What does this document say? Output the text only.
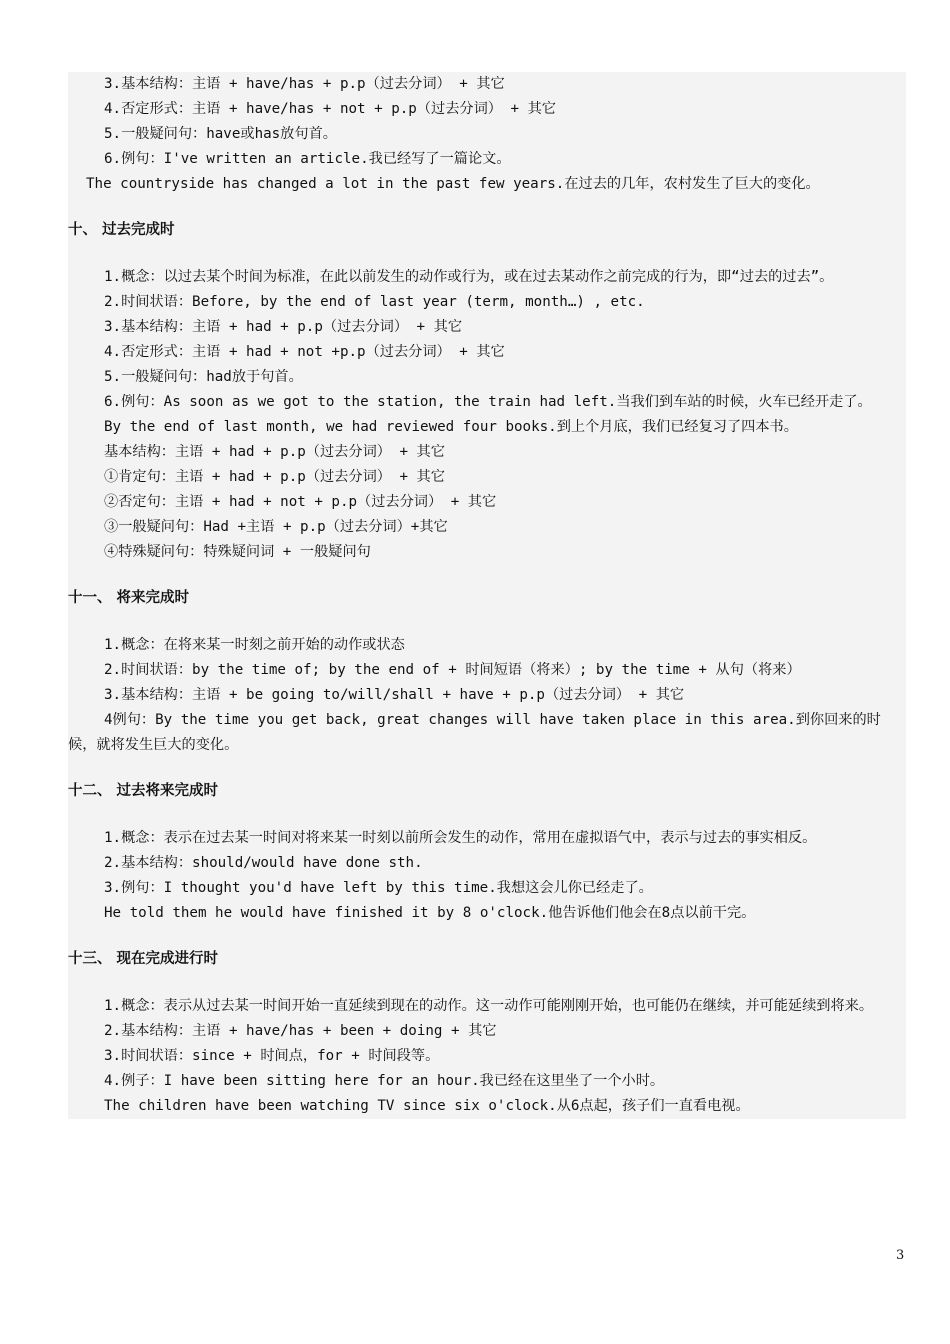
3.基本结构：主语 + have/has + p.p（过去分词） + 其它
4.否定形式：主语 + have/has + not + p.p（过去分词） + 其它
5.一般疑问句：have或has放句首。
6.例句：I've written an article.我已经写了一篇论文。
The countryside has changed a lot in the past few years.在过去的几年，农村发生了巨大的变化。
十、 过去完成时
1.概念：以过去某个时间为标准，在此以前发生的动作或行为，或在过去某动作之前完成的行为，即“过去的过去”。
2.时间状语：Before, by the end of last year (term, month…) , etc.
3.基本结构：主语 + had + p.p（过去分词） + 其它
4.否定形式：主语 + had + not +p.p（过去分词） + 其它
5.一般疑问句：had放于句首。
6.例句：As soon as we got to the station, the train had left.当我们到车站的时候，火车已经开走了。
By the end of last month, we had reviewed four books.到上个月底，我们已经复习了四本书。
基本结构：主语 + had + p.p（过去分词） + 其它
①肯定句：主语 + had + p.p（过去分词） + 其它
②否定句：主语 + had + not + p.p（过去分词） + 其它
③一般疑问句：Had +主语 + p.p（过去分词）+其它
④特殊疑问句：特殊疑问词 + 一般疑问句
十一、 将来完成时
1.概念：在将来某一时刻之前开始的动作或状态
2.时间状语：by the time of; by the end of + 时间短语（将来）; by the time + 从句（将来）
3.基本结构：主语 + be going to/will/shall + have + p.p（过去分词） + 其它
4例句：By the time you get back, great changes will have taken place in this area.到你回来的时候，就将发生巨大的变化。
十二、 过去将来完成时
1.概念：表示在过去某一时间对将来某一时刻以前所会发生的动作，常用在虚拟语气中，表示与过去的事实相反。
2.基本结构：should/would have done sth.
3.例句：I thought you'd have left by this time.我想这会儿你已经走了。
He told them he would have finished it by 8 o'clock.他告诉他们他会在8点以前干完。
十三、 现在完成进行时
1.概念：表示从过去某一时间开始一直延续到现在的动作。这一动作可能刚刚开始，也可能仍在继续，并可能延续到将来。
2.基本结构：主语 + have/has + been + doing + 其它
3.时间状语：since + 时间点，for + 时间段等。
4.例子：I have been sitting here for an hour.我已经在这里坐了一个小时。
The children have been watching TV since six o'clock.从6点起，孩子们一直看电视。
3
